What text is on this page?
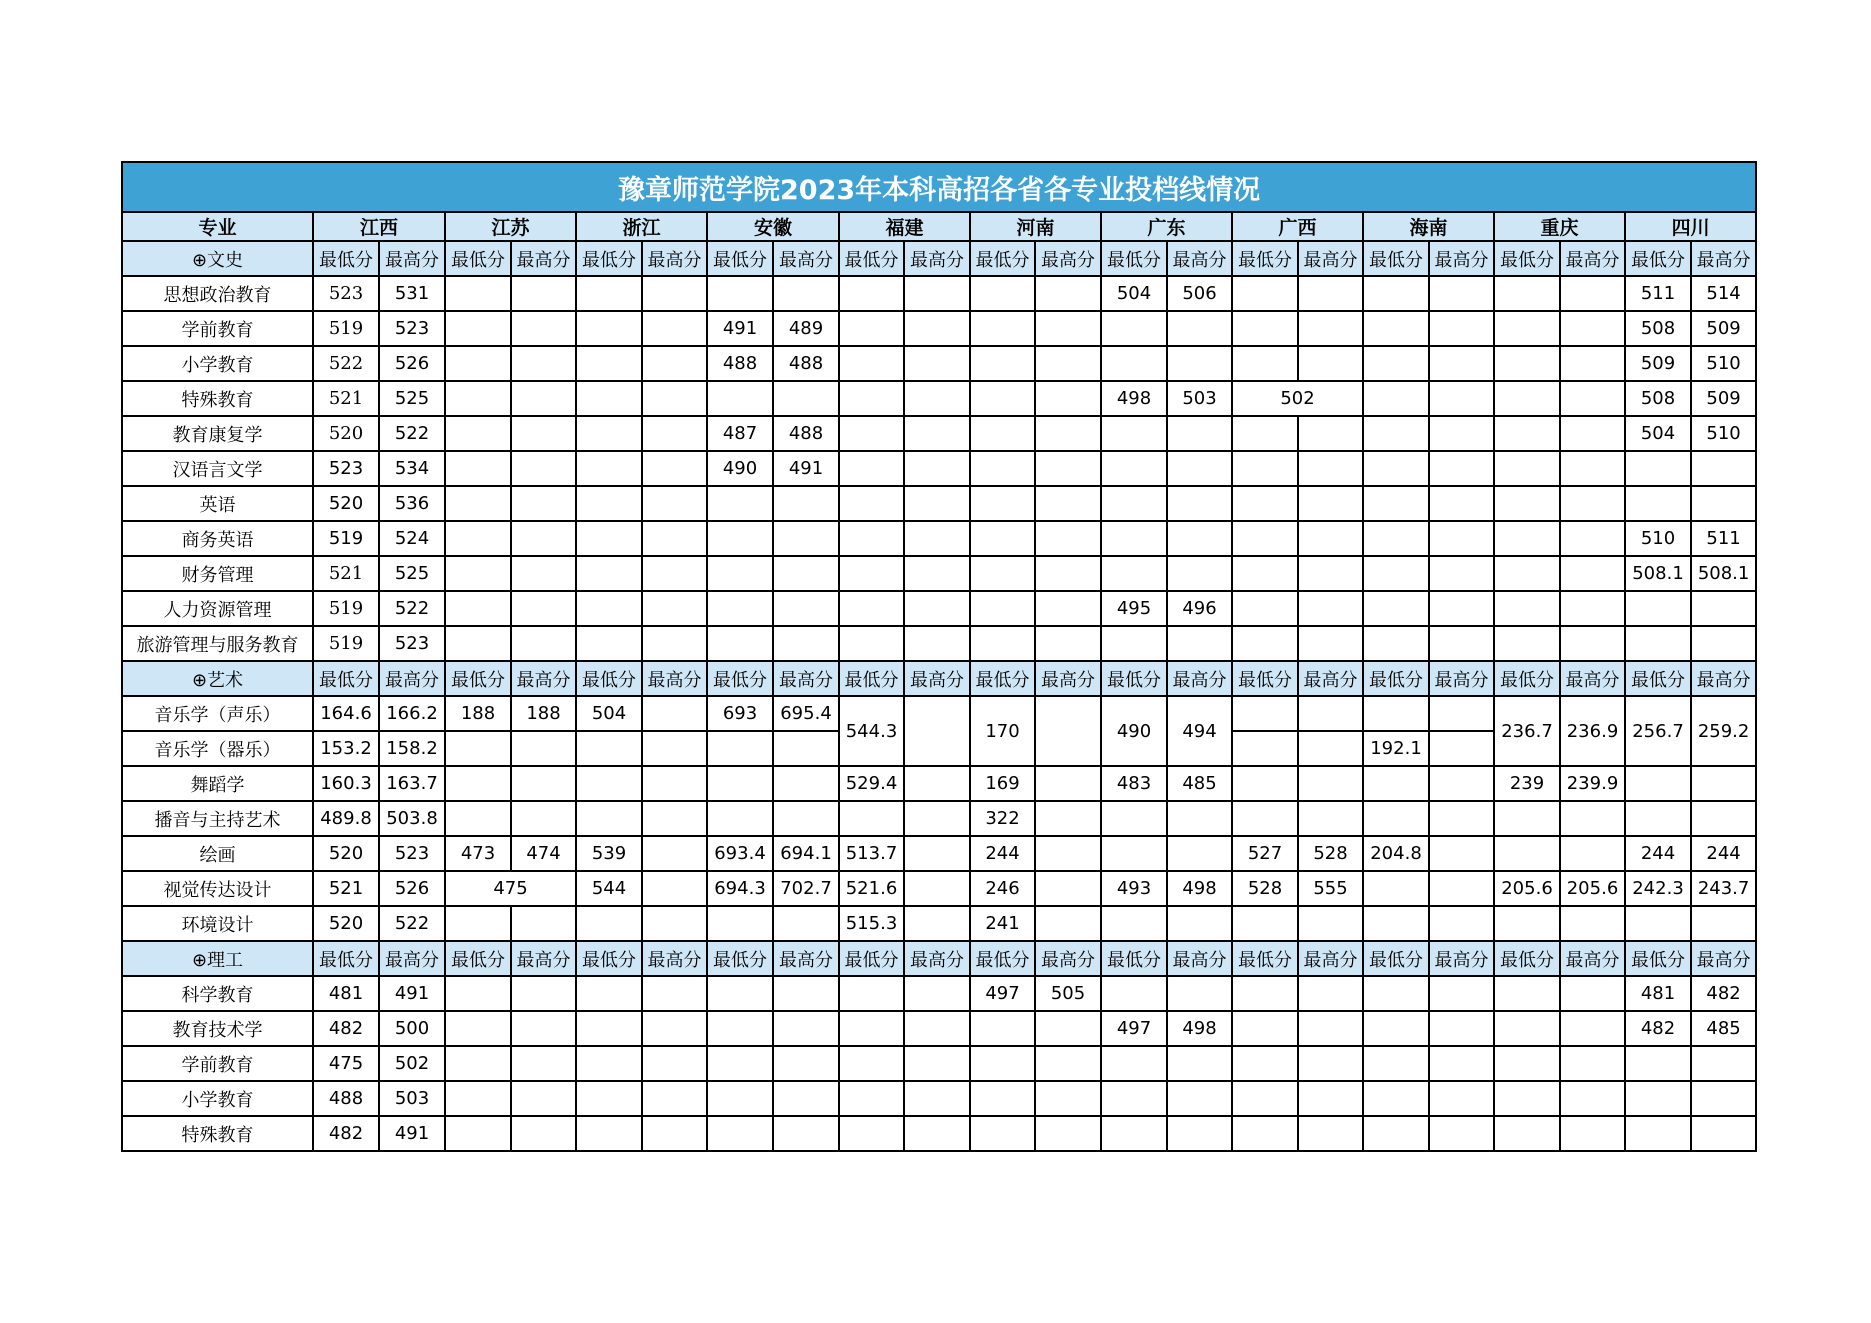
豫章师范学院2023年本科高招各省各专业投档线情况																						
专业	江西		江苏		浙江		安徽		福建		河南		广东		广西		海南		重庆		四川	
⊕文史	最低分	最高分	最低分	最高分	最低分	最高分	最低分	最高分	最低分	最高分	最低分	最高分	最低分	最高分	最低分	最高分	最低分	最高分	最低分	最高分	最低分	最高分
思想政治教育	523	531											504	506							511	514
学前教育	519	523					491	489													508	509
小学教育	522	526					488	488													509	510
特殊教育	521	525											498	503	502						508	509
教育康复学	520	522					487	488													504	510
汉语言文学	523	534					490	491														
英语	520	536																				
商务英语	519	524																			510	511
财务管理	521	525																			508.1	508.1
人力资源管理	519	522											495	496								
旅游管理与服务教育	519	523																				
⊕艺术	最低分	最高分	最低分	最高分	最低分	最高分	最低分	最高分	最低分	最高分	最低分	最高分	最低分	最高分	最低分	最高分	最低分	最高分	最低分	最高分	最低分	最高分
音乐学（声乐）	164.6	166.2	188	188	504		693	695.4	544.3		170		490	494					236.7	236.9	256.7	259.2
音乐学（器乐）	153.2	158.2															192.1					
舞蹈学	160.3	163.7							529.4		169		483	485					239	239.9		
播音与主持艺术	489.8	503.8									322											
绘画	520	523	473	474	539		693.4	694.1	513.7		244				527	528	204.8				244	244
视觉传达设计	521	526	475		544		694.3	702.7	521.6		246		493	498	528	555			205.6	205.6	242.3	243.7
环境设计	520	522							515.3		241											
⊕理工	最低分	最高分	最低分	最高分	最低分	最高分	最低分	最高分	最低分	最高分	最低分	最高分	最低分	最高分	最低分	最高分	最低分	最高分	最低分	最高分	最低分	最高分
科学教育	481	491									497	505									481	482
教育技术学	482	500											497	498							482	485
学前教育	475	502																				
小学教育	488	503																				
特殊教育	482	491																				
